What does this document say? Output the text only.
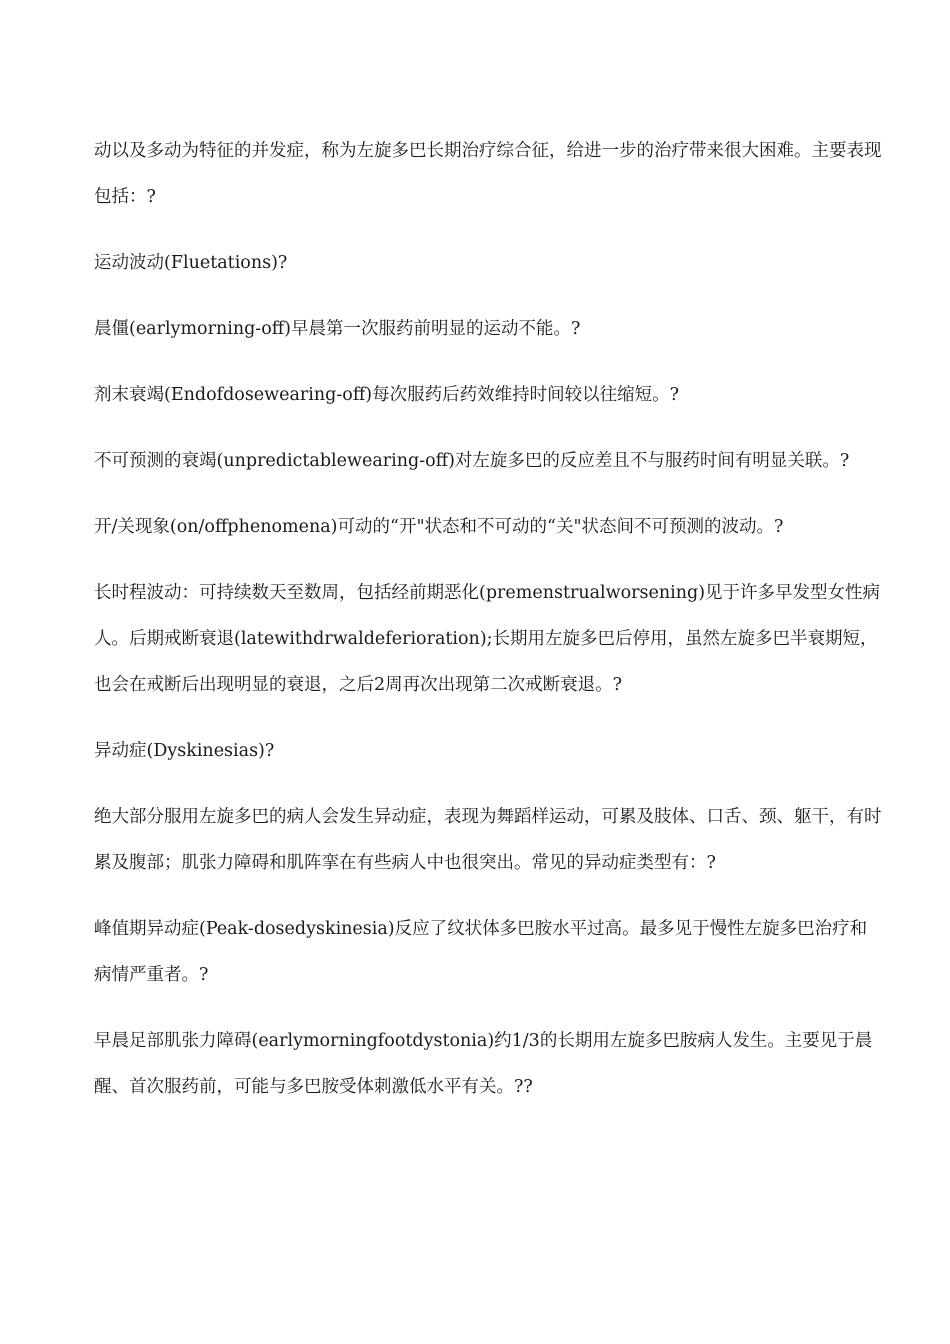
动以及多动为特征的并发症，称为左旋多巴长期治疗综合征，给进一步的治疗带来很大困难。主要表现包括：?

运动波动(Fluetations)?

晨僵(earlymorning-off)早晨第一次服药前明显的运动不能。?

剂末衰竭(Endofdosewearing-off)每次服药后药效维持时间较以往缩短。?

不可预测的衰竭(unpredictablewearing-off)对左旋多巴的反应差且不与服药时间有明显关联。?

开/关现象(on/offphenomena)可动的“开"状态和不可动的“关"状态间不可预测的波动。?

长时程波动：可持续数天至数周，包括经前期恶化(premenstrualworsening)见于许多早发型女性病人。后期戒断衰退(latewithdrwaldeferioration);长期用左旋多巴后停用，虽然左旋多巴半衰期短，也会在戒断后出现明显的衰退，之后2周再次出现第二次戒断衰退。?

异动症(Dyskinesias)?

绝大部分服用左旋多巴的病人会发生异动症，表现为舞蹈样运动，可累及肢体、口舌、颈、躯干，有时累及腹部；肌张力障碍和肌阵挛在有些病人中也很突出。常见的异动症类型有：?

峰值期异动症(Peak-dosedyskinesia)反应了纹状体多巴胺水平过高。最多见于慢性左旋多巴治疗和病情严重者。?

早晨足部肌张力障碍(earlymorningfootdystonia)约1/3的长期用左旋多巴胺病人发生。主要见于晨醒、首次服药前，可能与多巴胺受体刺激低水平有关。??
